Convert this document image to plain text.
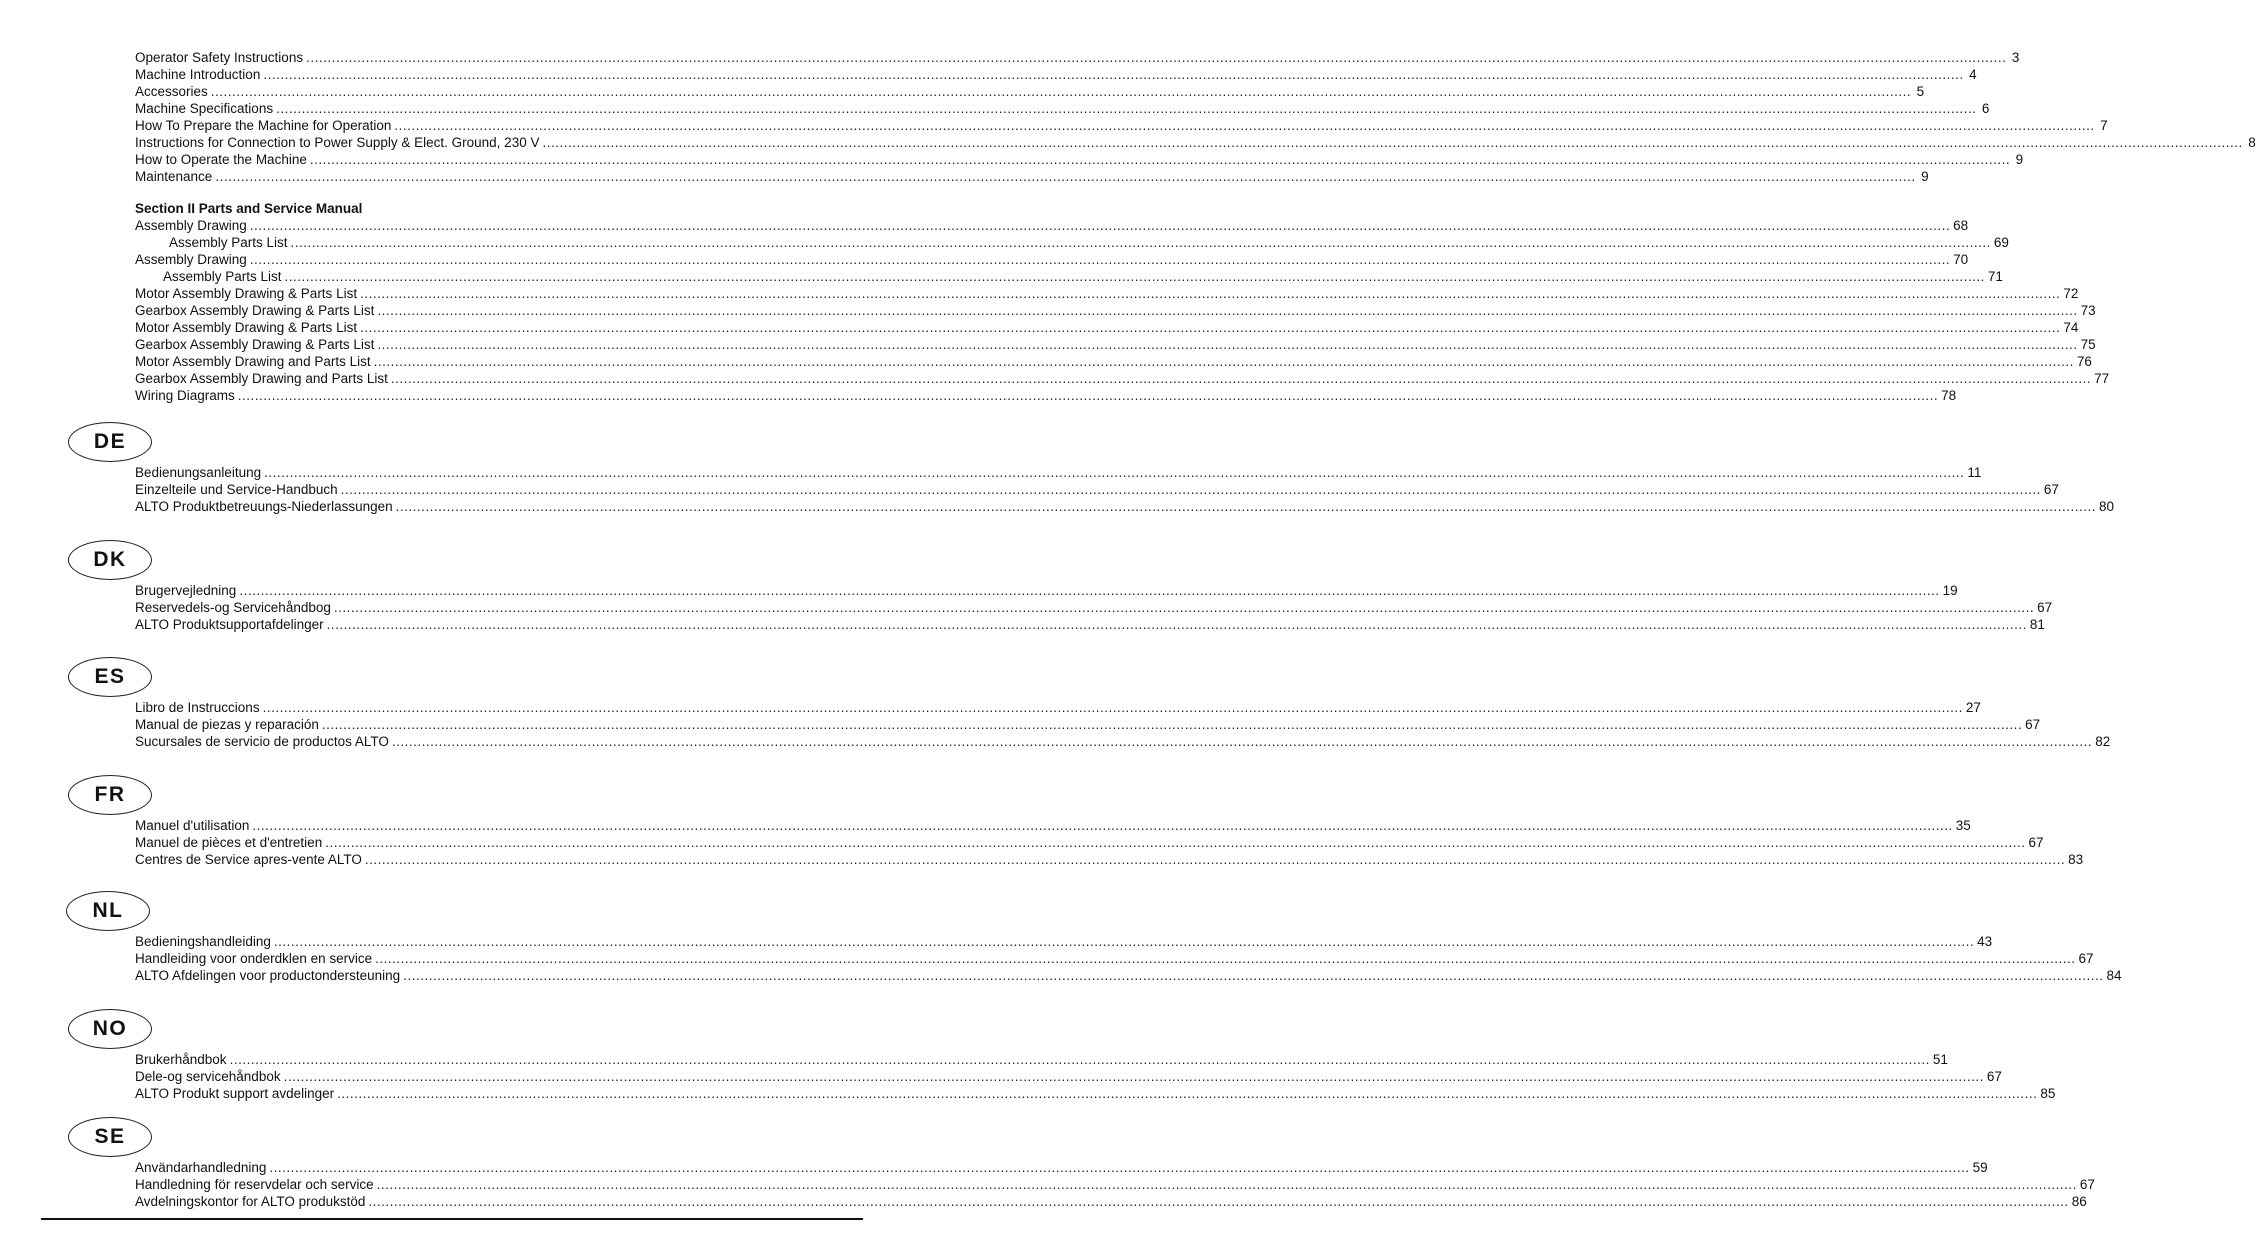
Operator Safety Instructions ................................................................................................................................................................................................................................................................................................................................................................................................................ 3
Machine Introduction ................................................................................................................................................................................................................................................................................................................................................................................................................ 4
Accessories ................................................................................................................................................................................................................................................................................................................................................................................................................ 5
Machine Specifications ................................................................................................................................................................................................................................................................................................................................................................................................................ 6
How To Prepare the Machine for Operation ................................................................................................................................................................................................................................................................................................................................................................................................................ 7
Instructions for Connection to Power Supply & Elect. Ground, 230 V ................................................................................................................................................................................................................................................................................................................................................................................................................ 8
How to Operate the Machine ................................................................................................................................................................................................................................................................................................................................................................................................................ 9
Maintenance ................................................................................................................................................................................................................................................................................................................................................................................................................ 9
Assembly Drawing ................................................................................................................................................................................................................................................................................................................................................................................................................ 68
Assembly Parts List ................................................................................................................................................................................................................................................................................................................................................................................................................ 69
Assembly Drawing ................................................................................................................................................................................................................................................................................................................................................................................................................ 70
Assembly Parts List ................................................................................................................................................................................................................................................................................................................................................................................................................ 71
Motor Assembly Drawing & Parts List ................................................................................................................................................................................................................................................................................................................................................................................................................ 72
Gearbox Assembly Drawing & Parts List ................................................................................................................................................................................................................................................................................................................................................................................................................ 73
Motor Assembly Drawing & Parts List ................................................................................................................................................................................................................................................................................................................................................................................................................ 74
Gearbox Assembly Drawing & Parts List ................................................................................................................................................................................................................................................................................................................................................................................................................ 75
Motor Assembly Drawing and Parts List ................................................................................................................................................................................................................................................................................................................................................................................................................ 76
Gearbox Assembly Drawing and Parts List ................................................................................................................................................................................................................................................................................................................................................................................................................ 77
Wiring Diagrams ................................................................................................................................................................................................................................................................................................................................................................................................................ 78
DE
Bedienungsanleitung ................................................................................................................................................................................................................................................................................................................................................................................................................ 11
Einzelteile und Service-Handbuch ................................................................................................................................................................................................................................................................................................................................................................................................................ 67
ALTO Produktbetreuungs-Niederlassungen ................................................................................................................................................................................................................................................................................................................................................................................................................ 80
DK
Brugervejledning ................................................................................................................................................................................................................................................................................................................................................................................................................ 19
Reservedels-og Servicehåndbog ................................................................................................................................................................................................................................................................................................................................................................................................................ 67
ALTO Produktsupportafdelinger ................................................................................................................................................................................................................................................................................................................................................................................................................ 81
ES
Libro de Instruccions ................................................................................................................................................................................................................................................................................................................................................................................................................ 27
Manual de piezas y reparación ................................................................................................................................................................................................................................................................................................................................................................................................................ 67
Sucursales de servicio de productos ALTO ................................................................................................................................................................................................................................................................................................................................................................................................................ 82
FR
Manuel d'utilisation ................................................................................................................................................................................................................................................................................................................................................................................................................ 35
Manuel de pièces et d'entretien ................................................................................................................................................................................................................................................................................................................................................................................................................ 67
Centres de Service apres-vente ALTO ................................................................................................................................................................................................................................................................................................................................................................................................................ 83
NL
Bedieningshandleiding ................................................................................................................................................................................................................................................................................................................................................................................................................ 43
Handleiding voor onderdklen en service ................................................................................................................................................................................................................................................................................................................................................................................................................ 67
ALTO Afdelingen voor productondersteuning ................................................................................................................................................................................................................................................................................................................................................................................................................ 84
NO
Brukerhåndbok ................................................................................................................................................................................................................................................................................................................................................................................................................ 51
Dele-og servicehåndbok ................................................................................................................................................................................................................................................................................................................................................................................................................ 67
ALTO Produkt support avdelinger ................................................................................................................................................................................................................................................................................................................................................................................................................ 85
SE
Användarhandledning ................................................................................................................................................................................................................................................................................................................................................................................................................ 59
Handledning för reservdelar och service ................................................................................................................................................................................................................................................................................................................................................................................................................ 67
Avdelningskontor for ALTO produkstöd ................................................................................................................................................................................................................................................................................................................................................................................................................ 86
Section II Parts and Service Manual
